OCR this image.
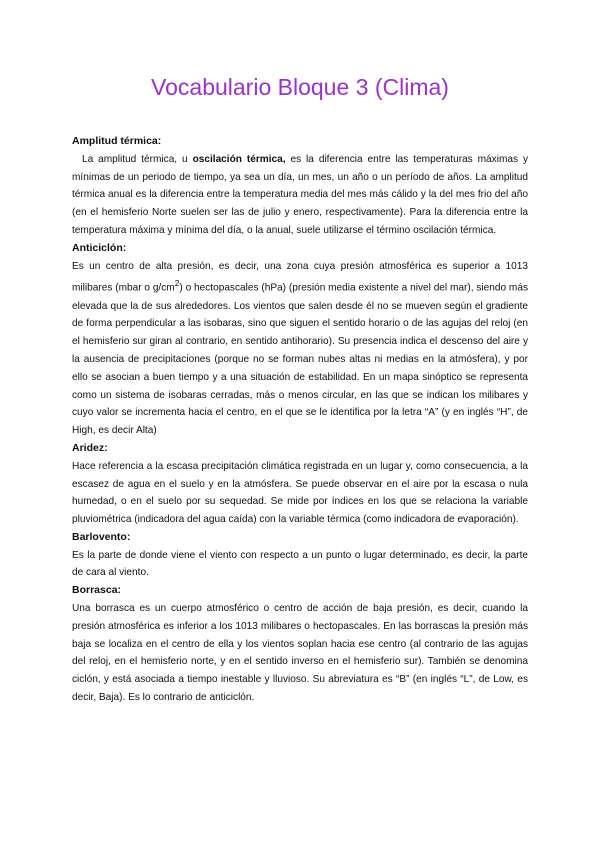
Vocabulario Bloque 3 (Clima)
Amplitud térmica:

La amplitud térmica, u oscilación térmica, es la diferencia entre las temperaturas máximas y mínimas de un periodo de tiempo, ya sea un día, un mes, un año o un período de años. La amplitud térmica anual es la diferencia entre la temperatura media del mes más cálido y la del mes frio del año (en el hemisferio Norte suelen ser las de julio y enero, respectivamente). Para la diferencia entre la temperatura máxima y mínima del día, o la anual, suele utilizarse el término oscilación térmica.

Anticiclón:

Es un centro de alta presión, es decir, una zona cuya presión atmosférica es superior a 1013 milibares (mbar o $g/cm^2$) o hectopascales (hPa) (presión media existente a nivel del mar), siendo más elevada que la de sus alrededores. Los vientos que salen desde él no se mueven según el gradiente de forma perpendicular a las isobaras, sino que siguen el sentido horario o de las agujas del reloj (en el hemisferio sur giran al contrario, en sentido antihorario). Su presencia indica el descenso del aire y la ausencia de precipitaciones (porque no se forman nubes altas ni medias en la atmósfera), y por ello se asocian a buen tiempo y a una situación de estabilidad. En un mapa sinóptico se representa como un sistema de isobaras cerradas, más o menos circular, en las que se indican los milibares y cuyo valor se incrementa hacia el centro, en el que se le identifica por la letra “A” (y en inglés “H”, de High, es decir Alta)

Aridez:

Hace referencia a la escasa precipitación climática registrada en un lugar y, como consecuencia, a la escasez de agua en el suelo y en la atmósfera. Se puede observar en el aire por la escasa o nula humedad, o en el suelo por su sequedad. Se mide por índices en los que se relaciona la variable pluviométrica (indicadora del agua caída) con la variable térmica (como indicadora de evaporación).

Barlovento:

Es la parte de donde viene el viento con respecto a un punto o lugar determinado, es decir, la parte de cara al viento.

Borrasca:

Una borrasca es un cuerpo atmosférico o centro de acción de baja presión, es decir, cuando la presión atmosférica es inferior a los 1013 milibares o hectopascales. En las borrascas la presión más baja se localiza en el centro de ella y los vientos soplan hacia ese centro (al contrario de las agujas del reloj, en el hemisferio norte, y en el sentido inverso en el hemisferio sur). También se denomina ciclón, y está asociada a tiempo inestable y lluvioso. Su abreviatura es “B” (en inglés “L”, de Low, es decir, Baja). Es lo contrario de anticiclón.
